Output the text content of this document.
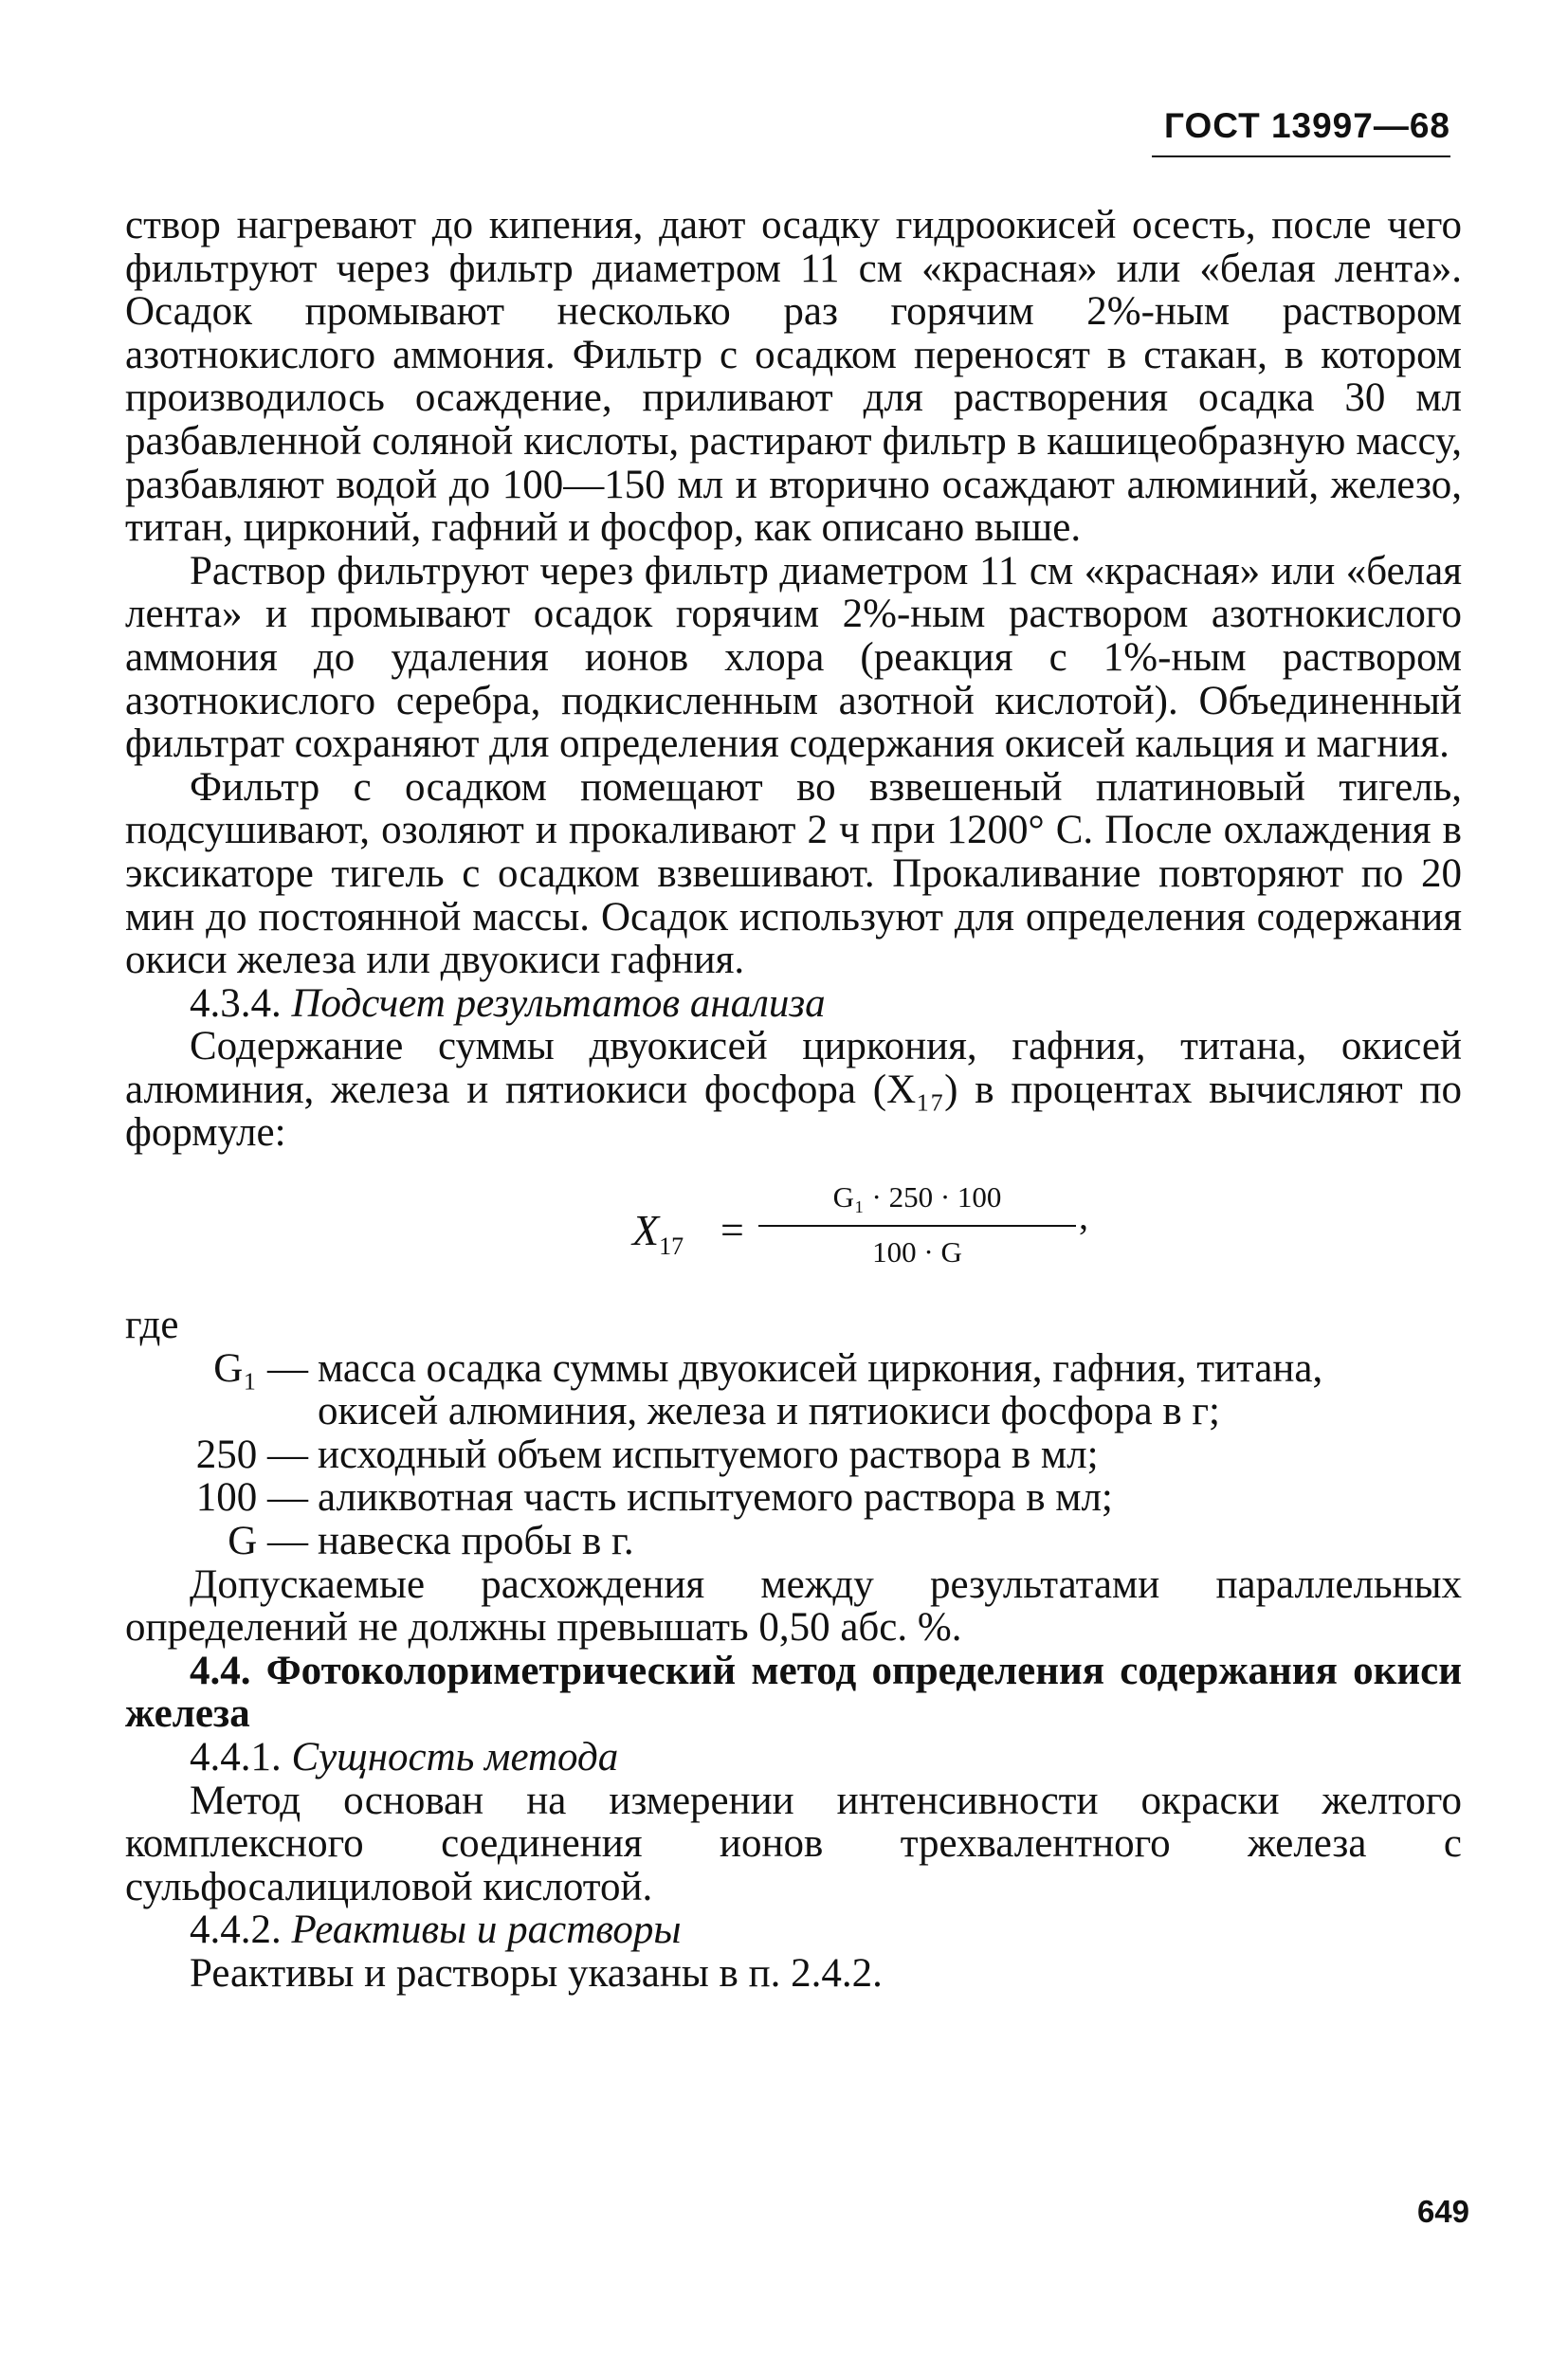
ГОСТ 13997—68

створ нагревают до кипения, дают осадку гидроокисей осесть, после чего фильтруют через фильтр диаметром 11 см «красная» или «белая лента». Осадок промывают несколько раз горячим 2%-ным раствором азотнокислого аммония. Фильтр с осадком переносят в стакан, в котором производилось осаждение, приливают для растворения осадка 30 мл разбавленной соляной кислоты, растирают фильтр в кашицеобразную массу, разбавляют водой до 100—150 мл и вторично осаждают алюминий, железо, титан, цирконий, гафний и фосфор, как описано выше.

Раствор фильтруют через фильтр диаметром 11 см «красная» или «белая лента» и промывают осадок горячим 2%-ным раствором азотнокислого аммония до удаления ионов хлора (реакция с 1%-ным раствором азотнокислого серебра, подкисленным азотной кислотой). Объединенный фильтрат сохраняют для определения содержания окисей кальция и магния.

Фильтр с осадком помещают во взвешеный платиновый тигель, подсушивают, озоляют и прокаливают 2 ч при 1200° С. После охлаждения в эксикаторе тигель с осадком взвешивают. Прокаливание повторяют по 20 мин до постоянной массы. Осадок используют для определения содержания окиси железа или двуокиси гафния.

4.3.4. Подсчет результатов анализа

Содержание суммы двуокисей циркония, гафния, титана, окисей алюминия, железа и пятиокиси фосфора (X₁₇) в процентах вычисляют по формуле:

$X_{17} = \frac{\text{G₁ · 250 · 100}}{100 \cdot G}$ ,

где

G₁ — масса осадка суммы двуокисей циркония, гафния, титана,
окисей алюминия, железа и пятиокиси фосфора в г;
250 — исходный объем испытуемого раствора в мл;
100 — аликвотная часть испытуемого раствора в мл;
G — навеска пробы в г.

Допускаемые расхождения между результатами параллельных определений не должны превышать 0,50 абс. %.

4.4. Фотоколориметрический метод определения содержания окиси железа

4.4.1. Сущность метода

Метод основан на измерении интенсивности окраски желтого комплексного соединения ионов трехвалентного железа с сульфосалициловой кислотой.

4.4.2. Реактивы и растворы

Реактивы и растворы указаны в п. 2.4.2.

649
